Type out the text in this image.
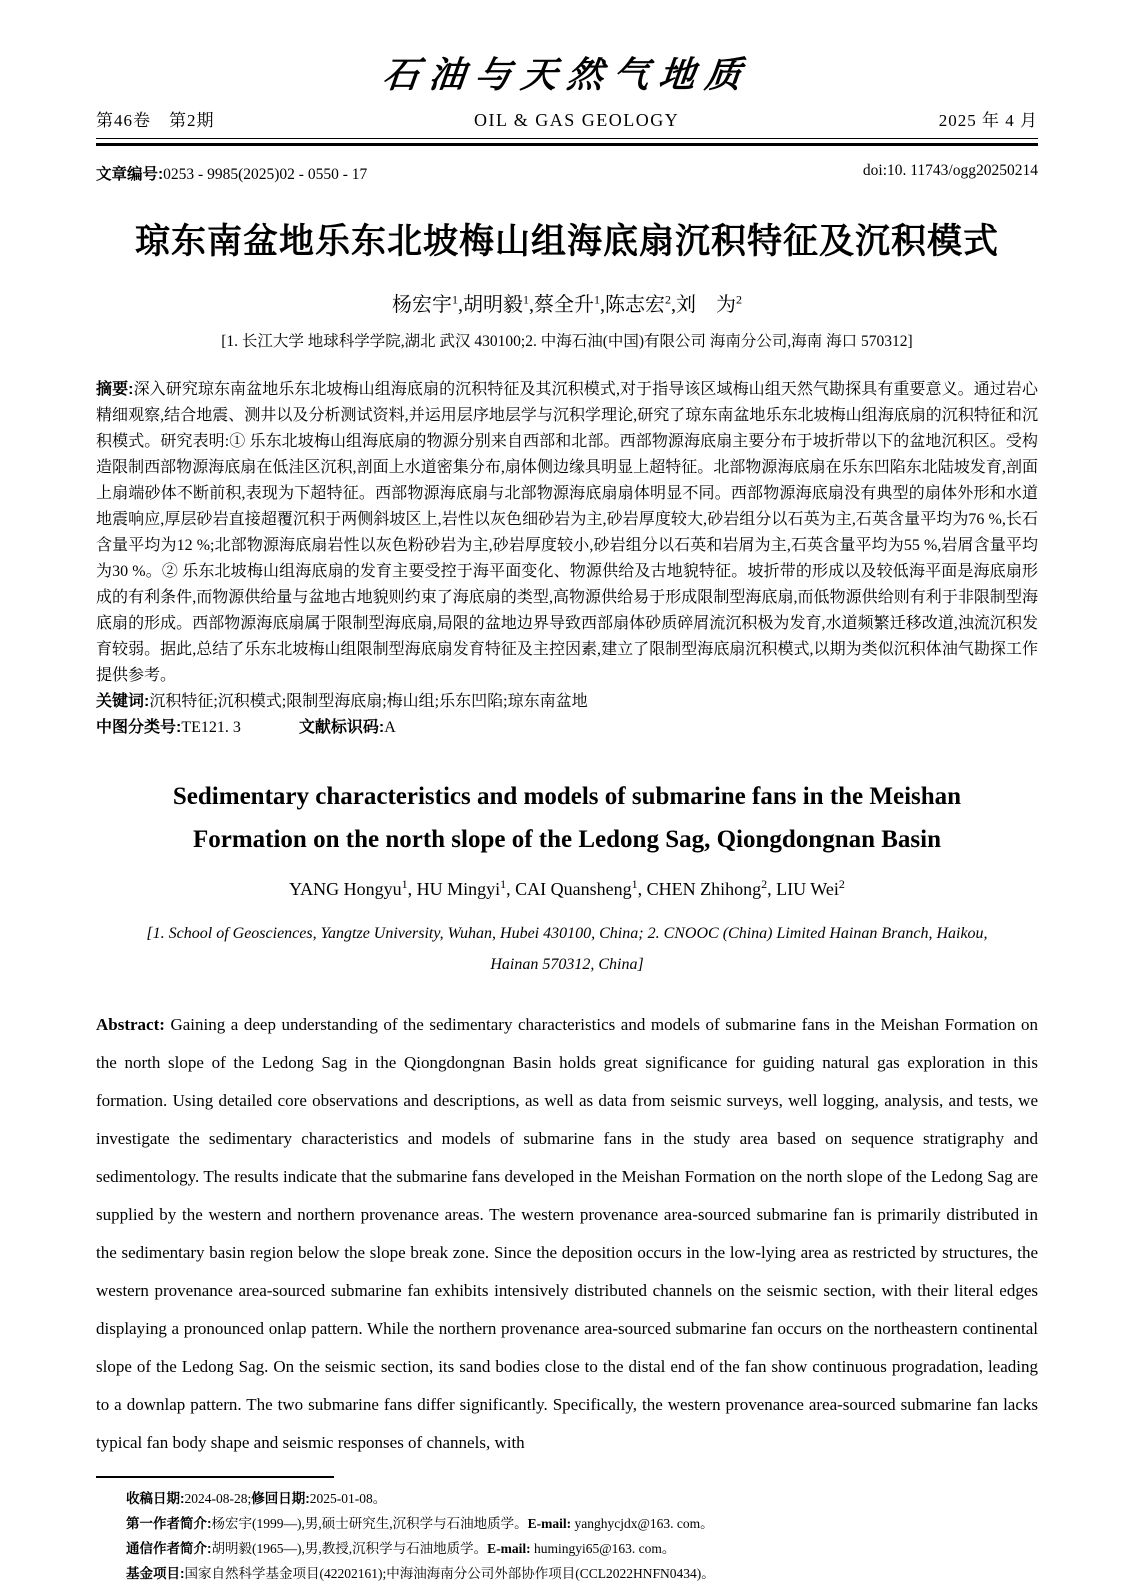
石油与天然气地质
第46卷　第2期	OIL & GAS GEOLOGY	2025 年 4 月
文章编号:0253 - 9985(2025)02 - 0550 - 17	doi:10. 11743/ogg20250214
琼东南盆地乐东北坡梅山组海底扇沉积特征及沉积模式
杨宏宇$^1$,胡明毅$^1$,蔡全升$^1$,陈志宏$^2$,刘　为$^2$
[1. 长江大学 地球科学学院,湖北 武汉 430100;2. 中海石油(中国)有限公司 海南分公司,海南 海口 570312]

摘要:深入研究琼东南盆地乐东北坡梅山组海底扇的沉积特征及其沉积模式,对于指导该区域梅山组天然气勘探具有重要意义。通过岩心精细观察,结合地震、测井以及分析测试资料,并运用层序地层学与沉积学理论,研究了琼东南盆地乐东北坡梅山组海底扇的沉积特征和沉积模式。研究表明:① 乐东北坡梅山组海底扇的物源分别来自西部和北部。西部物源海底扇主要分布于坡折带以下的盆地沉积区。受构造限制西部物源海底扇在低洼区沉积,剖面上水道密集分布,扇体侧边缘具明显上超特征。北部物源海底扇在乐东凹陷东北陆坡发育,剖面上扇端砂体不断前积,表现为下超特征。西部物源海底扇与北部物源海底扇扇体明显不同。西部物源海底扇没有典型的扇体外形和水道地震响应,厚层砂岩直接超覆沉积于两侧斜坡区上,岩性以灰色细砂岩为主,砂岩厚度较大,砂岩组分以石英为主,石英含量平均为76 %,长石含量平均为12 %;北部物源海底扇岩性以灰色粉砂岩为主,砂岩厚度较小,砂岩组分以石英和岩屑为主,石英含量平均为55 %,岩屑含量平均为30 %。② 乐东北坡梅山组海底扇的发育主要受控于海平面变化、物源供给及古地貌特征。坡折带的形成以及较低海平面是海底扇形成的有利条件,而物源供给量与盆地古地貌则约束了海底扇的类型,高物源供给易于形成限制型海底扇,而低物源供给则有利于非限制型海底扇的形成。西部物源海底扇属于限制型海底扇,局限的盆地边界导致西部扇体砂质碎屑流沉积极为发育,水道频繁迁移改道,浊流沉积发育较弱。据此,总结了乐东北坡梅山组限制型海底扇发育特征及主控因素,建立了限制型海底扇沉积模式,以期为类似沉积体油气勘探工作提供参考。

关键词:沉积特征;沉积模式;限制型海底扇;梅山组;乐东凹陷;琼东南盆地

中图分类号:TE121. 3	文献标识码:A

Sedimentary characteristics and models of submarine fans in the Meishan
Formation on the north slope of the Ledong Sag, Qiongdongnan Basin
YANG Hongyu$^1$, HU Mingyi$^1$, CAI Quansheng$^1$, CHEN Zhihong$^2$, LIU Wei$^2$
[1. School of Geosciences, Yangtze University, Wuhan, Hubei 430100, China; 2. CNOOC (China) Limited Hainan Branch, Haikou,
Hainan 570312, China]

Abstract: Gaining a deep understanding of the sedimentary characteristics and models of submarine fans in the Meishan Formation on the north slope of the Ledong Sag in the Qiongdongnan Basin holds great significance for guiding natural gas exploration in this formation. Using detailed core observations and descriptions, as well as data from seismic surveys, well logging, analysis, and tests, we investigate the sedimentary characteristics and models of submarine fans in the study area based on sequence stratigraphy and sedimentology. The results indicate that the submarine fans developed in the Meishan Formation on the north slope of the Ledong Sag are supplied by the western and northern provenance areas. The western provenance area-sourced submarine fan is primarily distributed in the sedimentary basin region below the slope break zone. Since the deposition occurs in the low-lying area as restricted by structures, the western provenance area-sourced submarine fan exhibits intensively distributed channels on the seismic section, with their literal edges displaying a pronounced onlap pattern. While the northern provenance area-sourced submarine fan occurs on the northeastern continental slope of the Ledong Sag. On the seismic section, its sand bodies close to the distal end of the fan show continuous progradation, leading to a downlap pattern. The two submarine fans differ significantly. Specifically, the western provenance area-sourced submarine fan lacks typical fan body shape and seismic responses of channels, with

收稿日期:2024-08-28;修回日期:2025-01-08。
第一作者简介:杨宏宇(1999—),男,硕士研究生,沉积学与石油地质学。E-mail: yanghycjdx@163. com。
通信作者简介:胡明毅(1965—),男,教授,沉积学与石油地质学。E-mail: humingyi65@163. com。
基金项目:国家自然科学基金项目(42202161);中海油海南分公司外部协作项目(CCL2022HNFN0434)。
